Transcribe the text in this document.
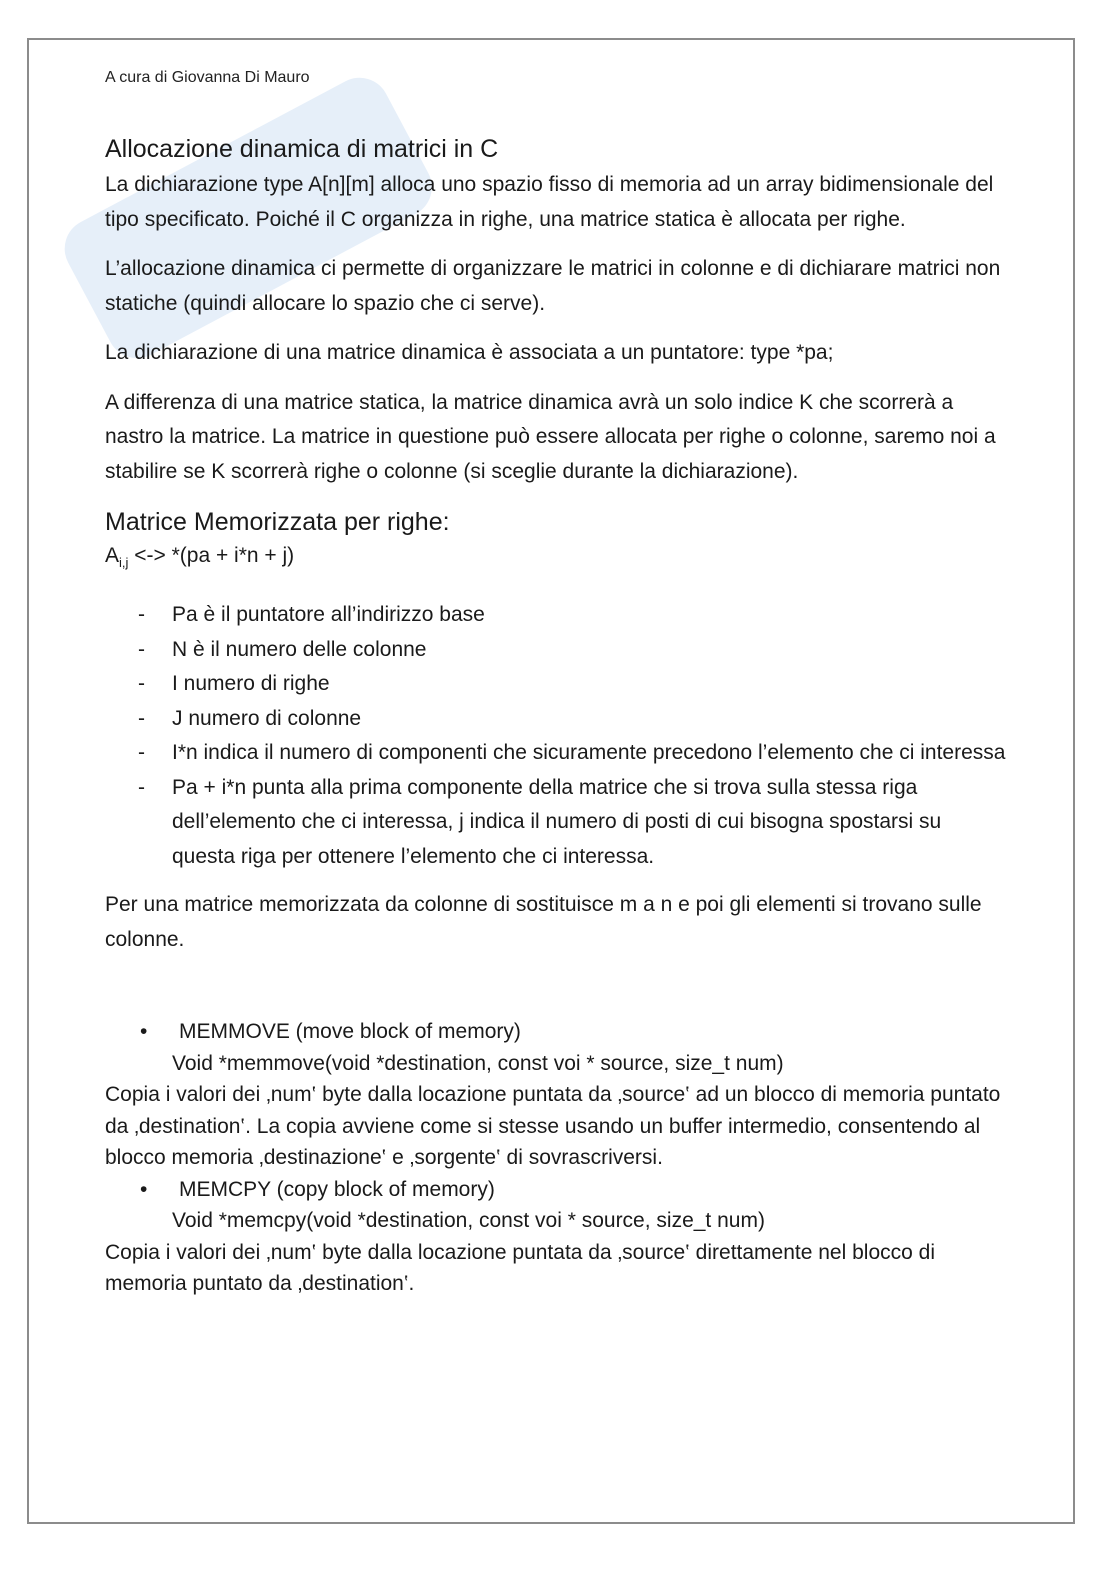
A cura di Giovanna Di Mauro
Allocazione dinamica di matrici in C

La dichiarazione type A[n][m] alloca uno spazio fisso di memoria ad un array bidimensionale del tipo specificato. Poiché il C organizza in righe, una matrice statica è allocata per righe.

L’allocazione dinamica ci permette di organizzare le matrici in colonne e di dichiarare matrici non statiche (quindi allocare lo spazio che ci serve).

La dichiarazione di una matrice dinamica è associata a un puntatore: type *pa;

A differenza di una matrice statica, la matrice dinamica avrà un solo indice K che scorrerà a nastro la matrice. La matrice in questione può essere allocata per righe o colonne, saremo noi a stabilire se K scorrerà righe o colonne (si sceglie durante la dichiarazione).

Matrice Memorizzata per righe:
$A_{i,j}$ <-> *(pa + i*n + j)
- Pa è il puntatore all’indirizzo base
- N è il numero delle colonne
- I numero di righe
- J numero di colonne
- I*n indica il numero di componenti che sicuramente precedono l’elemento che ci interessa
- Pa + i*n punta alla prima componente della matrice che si trova sulla stessa riga dell’elemento che ci interessa, j indica il numero di posti di cui bisogna spostarsi su questa riga per ottenere l’elemento che ci interessa.

Per una matrice memorizzata da colonne di sostituisce m a n e poi gli elementi si trovano sulle colonne.

• MEMMOVE (move block of memory)
Void *memmove(void *destination, const voi * source, size_t num)
Copia i valori dei ‚num‛ byte dalla locazione puntata da ‚source‛ ad un blocco di memoria puntato da ‚destination‛. La copia avviene come si stesse usando un buffer intermedio, consentendo al blocco memoria ‚destinazione‛ e ‚sorgente‛ di sovrascriversi.
• MEMCPY (copy block of memory)
Void *memcpy(void *destination, const voi * source, size_t num)
Copia i valori dei ‚num‛ byte dalla locazione puntata da ‚source‛ direttamente nel blocco di memoria puntato da ‚destination‛.
